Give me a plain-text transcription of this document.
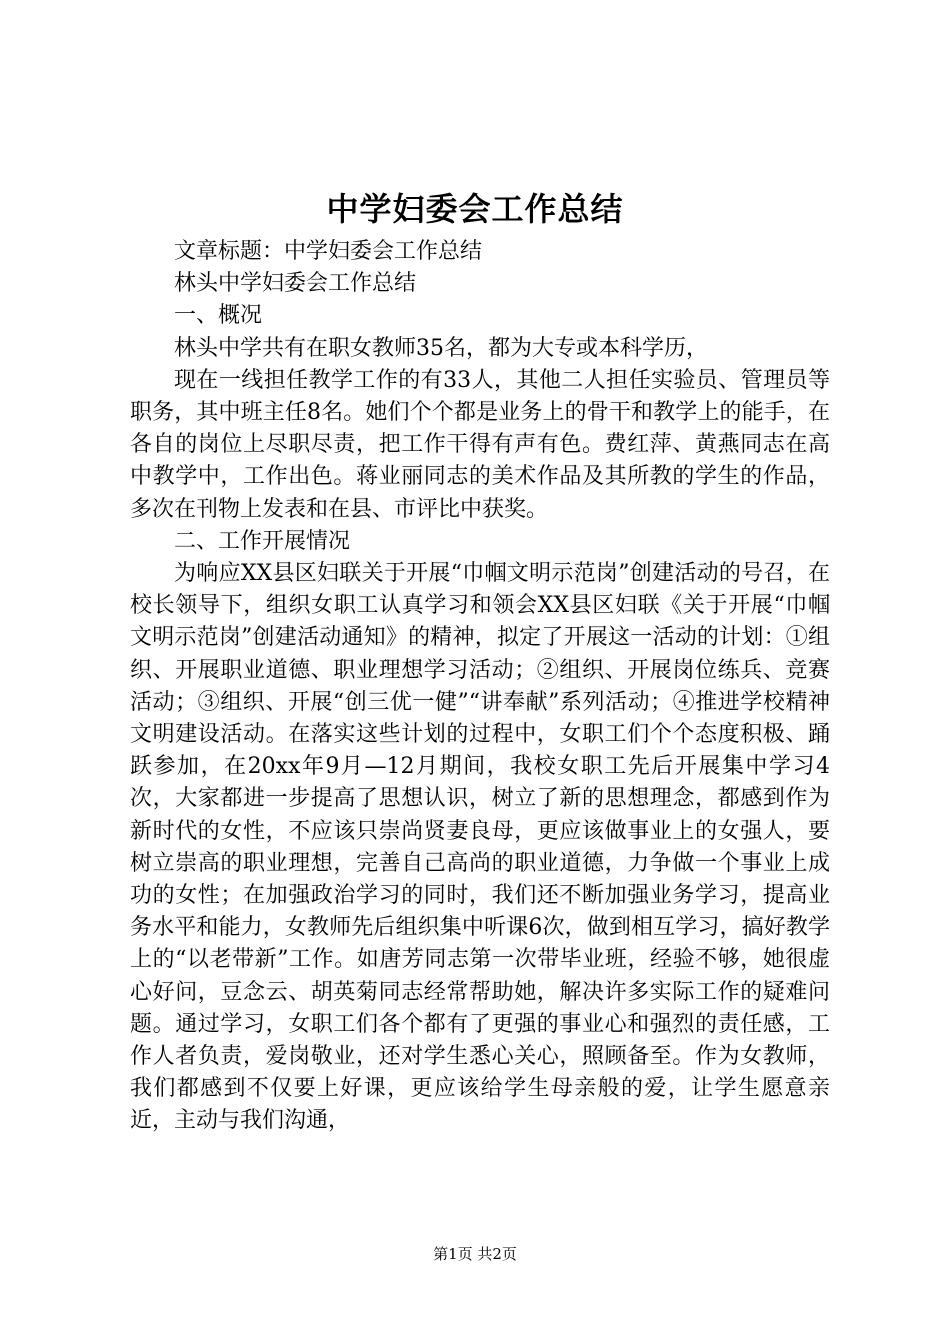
中学妇委会工作总结

文章标题：中学妇委会工作总结

林头中学妇委会工作总结

一、概况

林头中学共有在职女教师35名，都为大专或本科学历，

现在一线担任教学工作的有33人，其他二人担任实验员、管理员等职务，其中班主任8名。她们个个都是业务上的骨干和教学上的能手，在各自的岗位上尽职尽责，把工作干得有声有色。费红萍、黄燕同志在高中教学中，工作出色。蒋业丽同志的美术作品及其所教的学生的作品，多次在刊物上发表和在县、市评比中获奖。

二、工作开展情况

为响应XX县区妇联关于开展“巾帼文明示范岗”创建活动的号召，在校长领导下，组织女职工认真学习和领会XX县区妇联《关于开展“巾帼文明示范岗”创建活动通知》的精神，拟定了开展这一活动的计划：①组织、开展职业道德、职业理想学习活动；②组织、开展岗位练兵、竞赛活动；③组织、开展“创三优一健”“讲奉献”系列活动；④推进学校精神文明建设活动。在落实这些计划的过程中，女职工们个个态度积极、踊跃参加，在20xx年9月—12月期间，我校女职工先后开展集中学习4次，大家都进一步提高了思想认识，树立了新的思想理念，都感到作为新时代的女性，不应该只崇尚贤妻良母，更应该做事业上的女强人，要树立崇高的职业理想，完善自己高尚的职业道德，力争做一个事业上成功的女性；在加强政治学习的同时，我们还不断加强业务学习，提高业务水平和能力，女教师先后组织集中听课6次，做到相互学习，搞好教学上的“以老带新”工作。如唐芳同志第一次带毕业班，经验不够，她很虚心好问，豆念云、胡英菊同志经常帮助她，解决许多实际工作的疑难问题。通过学习，女职工们各个都有了更强的事业心和强烈的责任感，工作人者负责，爱岗敬业，还对学生悉心关心，照顾备至。作为女教师，我们都感到不仅要上好课，更应该给学生母亲般的爱，让学生愿意亲近，主动与我们沟通，

第1页 共2页
